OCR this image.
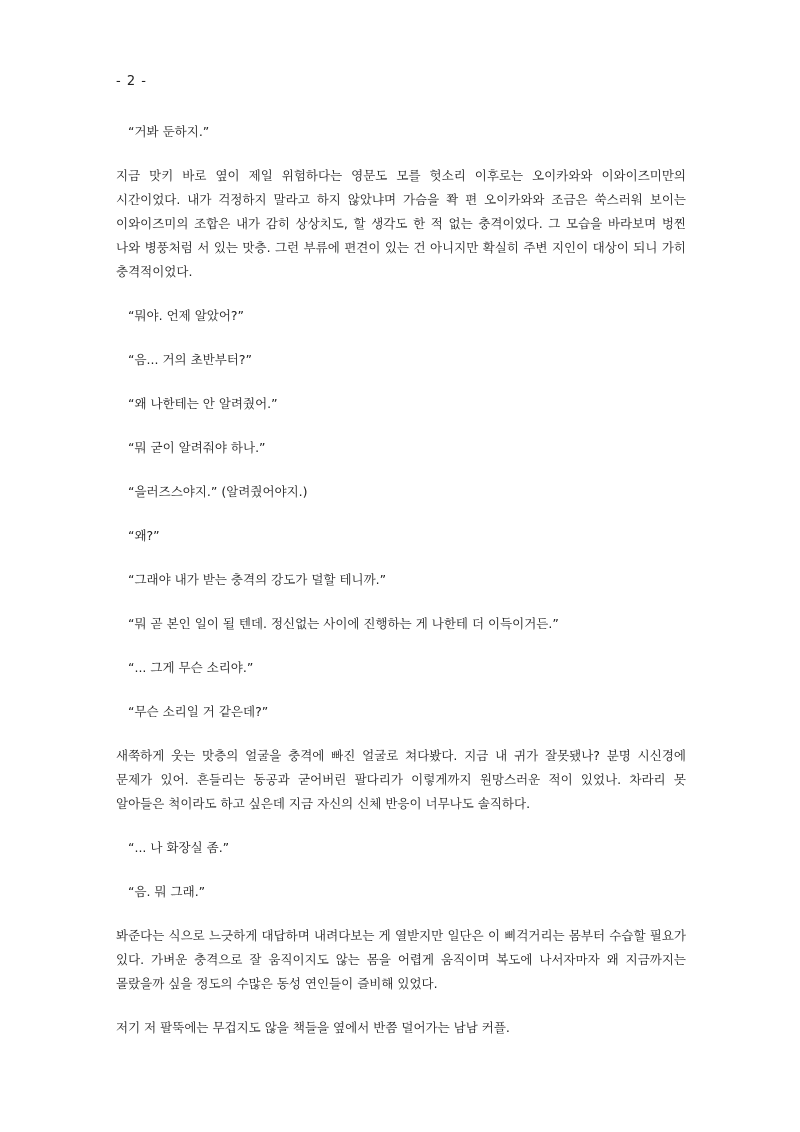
- 2 -

“거봐 둔하지.”

지금 맛키 바로 옆이 제일 위험하다는 영문도 모를 헛소리 이후로는 오이카와와 이와이즈미만의 시간이었다. 내가 걱정하지 말라고 하지 않았냐며 가슴을 쫙 편 오이카와와 조금은 쑥스러워 보이는 이와이즈미의 조합은 내가 감히 상상치도, 할 생각도 한 적 없는 충격이었다. 그 모습을 바라보며 벙찐 나와 병풍처럼 서 있는 맛층. 그런 부류에 편견이 있는 건 아니지만 확실히 주변 지인이 대상이 되니 가히 충격적이었다.

“뭐야. 언제 알았어?”

“음... 거의 초반부터?”

“왜 나한테는 안 알려줬어.”

“뭐 굳이 알려줘야 하나.”

“을러즈스야지.” (알려줬어야지.)

“왜?”

“그래야 내가 받는 충격의 강도가 덜할 테니까.”

“뭐 곧 본인 일이 될 텐데. 정신없는 사이에 진행하는 게 나한테 더 이득이거든.”

“... 그게 무슨 소리야.”

“무슨 소리일 거 같은데?”

새쭉하게 웃는 맛층의 얼굴을 충격에 빠진 얼굴로 쳐다봤다. 지금 내 귀가 잘못됐나? 분명 시신경에 문제가 있어. 흔들리는 동공과 굳어버린 팔다리가 이렇게까지 원망스러운 적이 있었나. 차라리 못 알아들은 척이라도 하고 싶은데 지금 자신의 신체 반응이 너무나도 솔직하다.

“... 나 화장실 좀.”

“음. 뭐 그래.”

봐준다는 식으로 느긋하게 대답하며 내려다보는 게 열받지만 일단은 이 삐걱거리는 몸부터 수습할 필요가 있다. 가벼운 충격으로 잘 움직이지도 않는 몸을 어렵게 움직이며 복도에 나서자마자 왜 지금까지는 몰랐을까 싶을 정도의 수많은 동성 연인들이 즐비해 있었다.

저기 저 팔뚝에는 무겁지도 않을 책들을 옆에서 반쯤 덜어가는 남남 커플.
